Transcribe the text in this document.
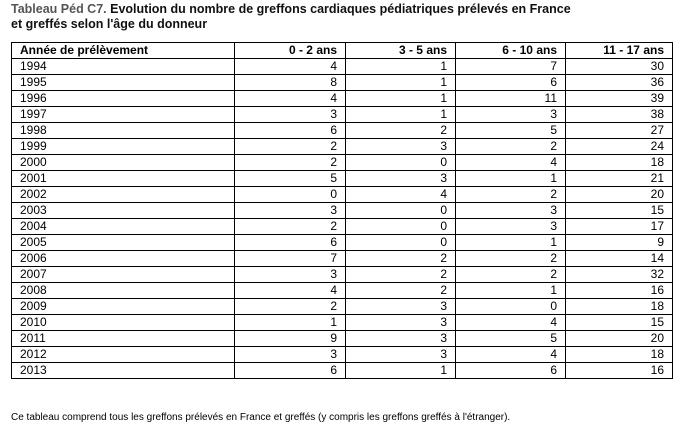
Tableau Péd C7. Evolution du nombre de greffons cardiaques pédiatriques prélevés en France
et greffés selon l'âge du donneur
Année de prélèvement	0 - 2 ans	3 - 5 ans	6 - 10 ans	11 - 17 ans
1994	4	1	7	30
1995	8	1	6	36
1996	4	1	11	39
1997	3	1	3	38
1998	6	2	5	27
1999	2	3	2	24
2000	2	0	4	18
2001	5	3	1	21
2002	0	4	2	20
2003	3	0	3	15
2004	2	0	3	17
2005	6	0	1	9
2006	7	2	2	14
2007	3	2	2	32
2008	4	2	1	16
2009	2	3	0	18
2010	1	3	4	15
2011	9	3	5	20
2012	3	3	4	18
2013	6	1	6	16
Ce tableau comprend tous les greffons prélevés en France et greffés (y compris les greffons greffés à l'étranger).
